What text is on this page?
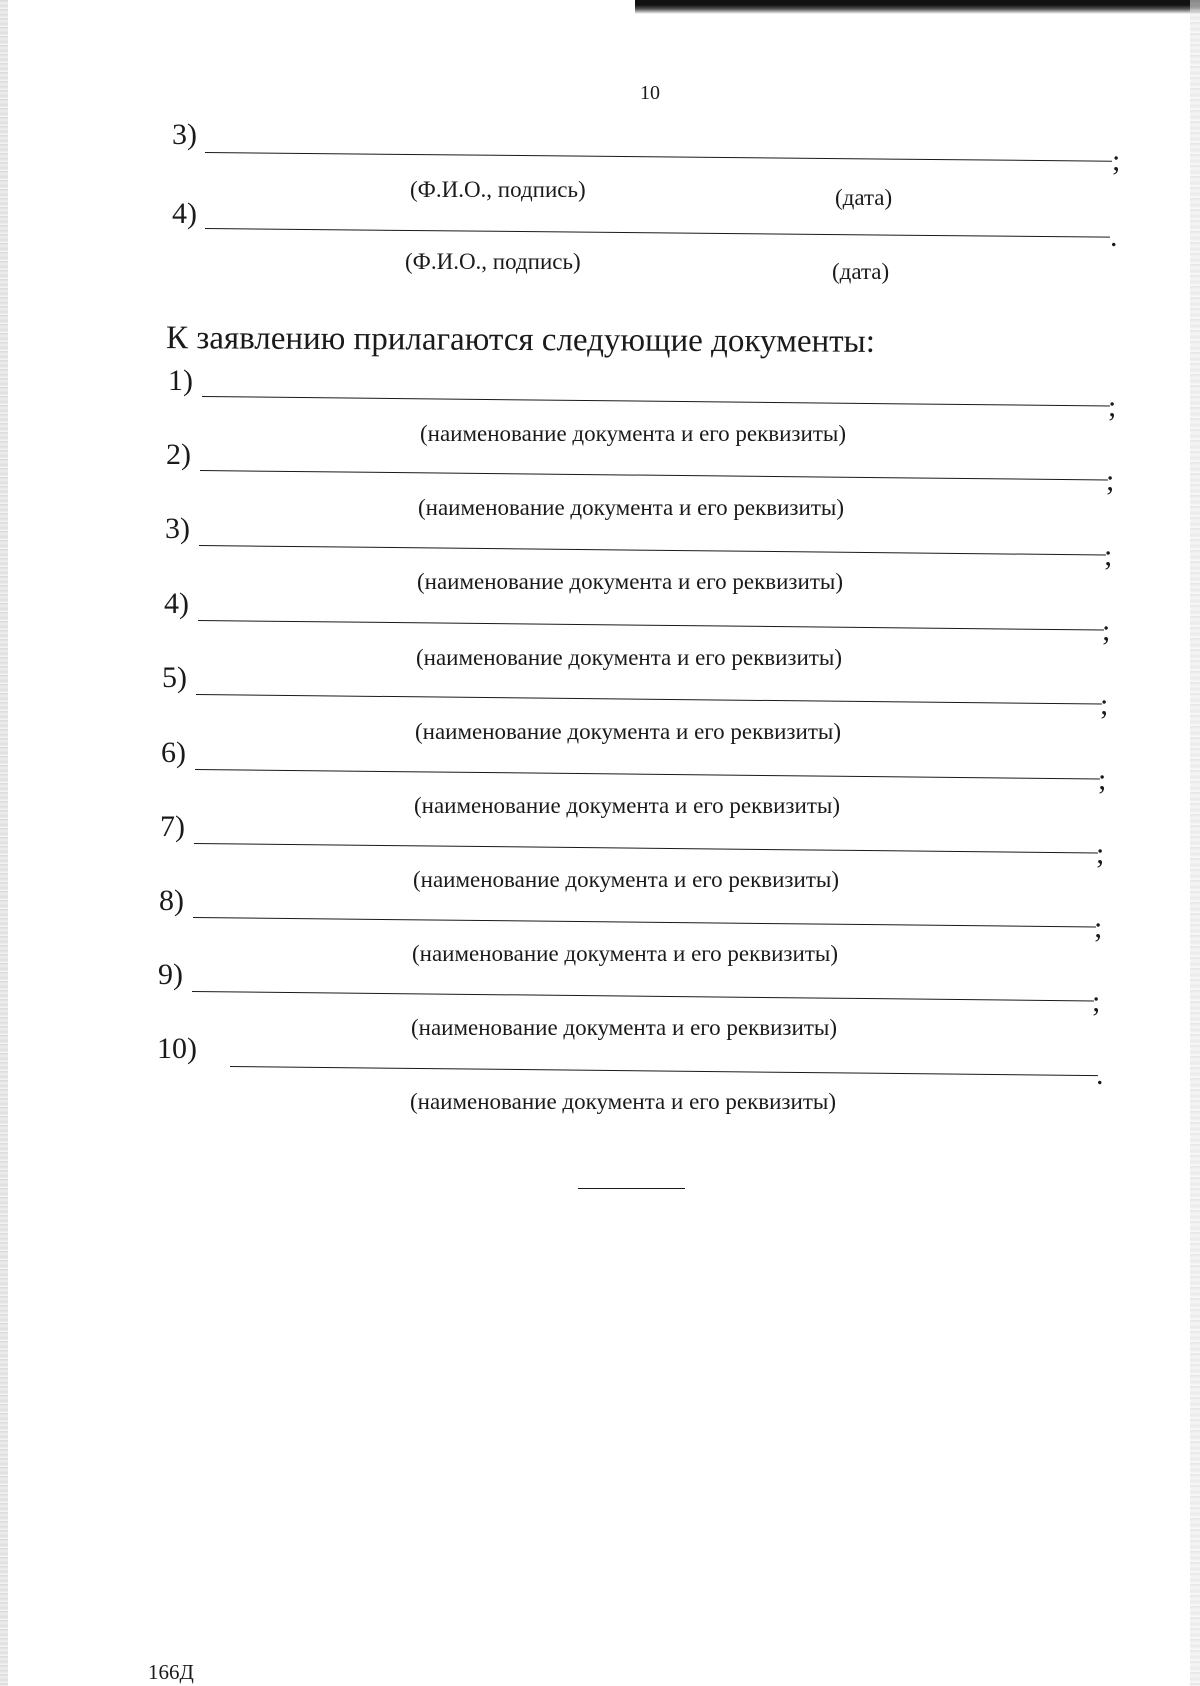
10
3)
;
(Ф.И.О., подпись)	(дата)
4)
.
(Ф.И.О., подпись)	(дата)
К заявлению прилагаются следующие документы:
1)
;
(наименование документа и его реквизиты)
2)
;
(наименование документа и его реквизиты)
3)
;
(наименование документа и его реквизиты)
4)
;
(наименование документа и его реквизиты)
5)
;
(наименование документа и его реквизиты)
6)
;
(наименование документа и его реквизиты)
7)
;
(наименование документа и его реквизиты)
8)
;
(наименование документа и его реквизиты)
9)
;
(наименование документа и его реквизиты)
10)
.
(наименование документа и его реквизиты)
166Д
